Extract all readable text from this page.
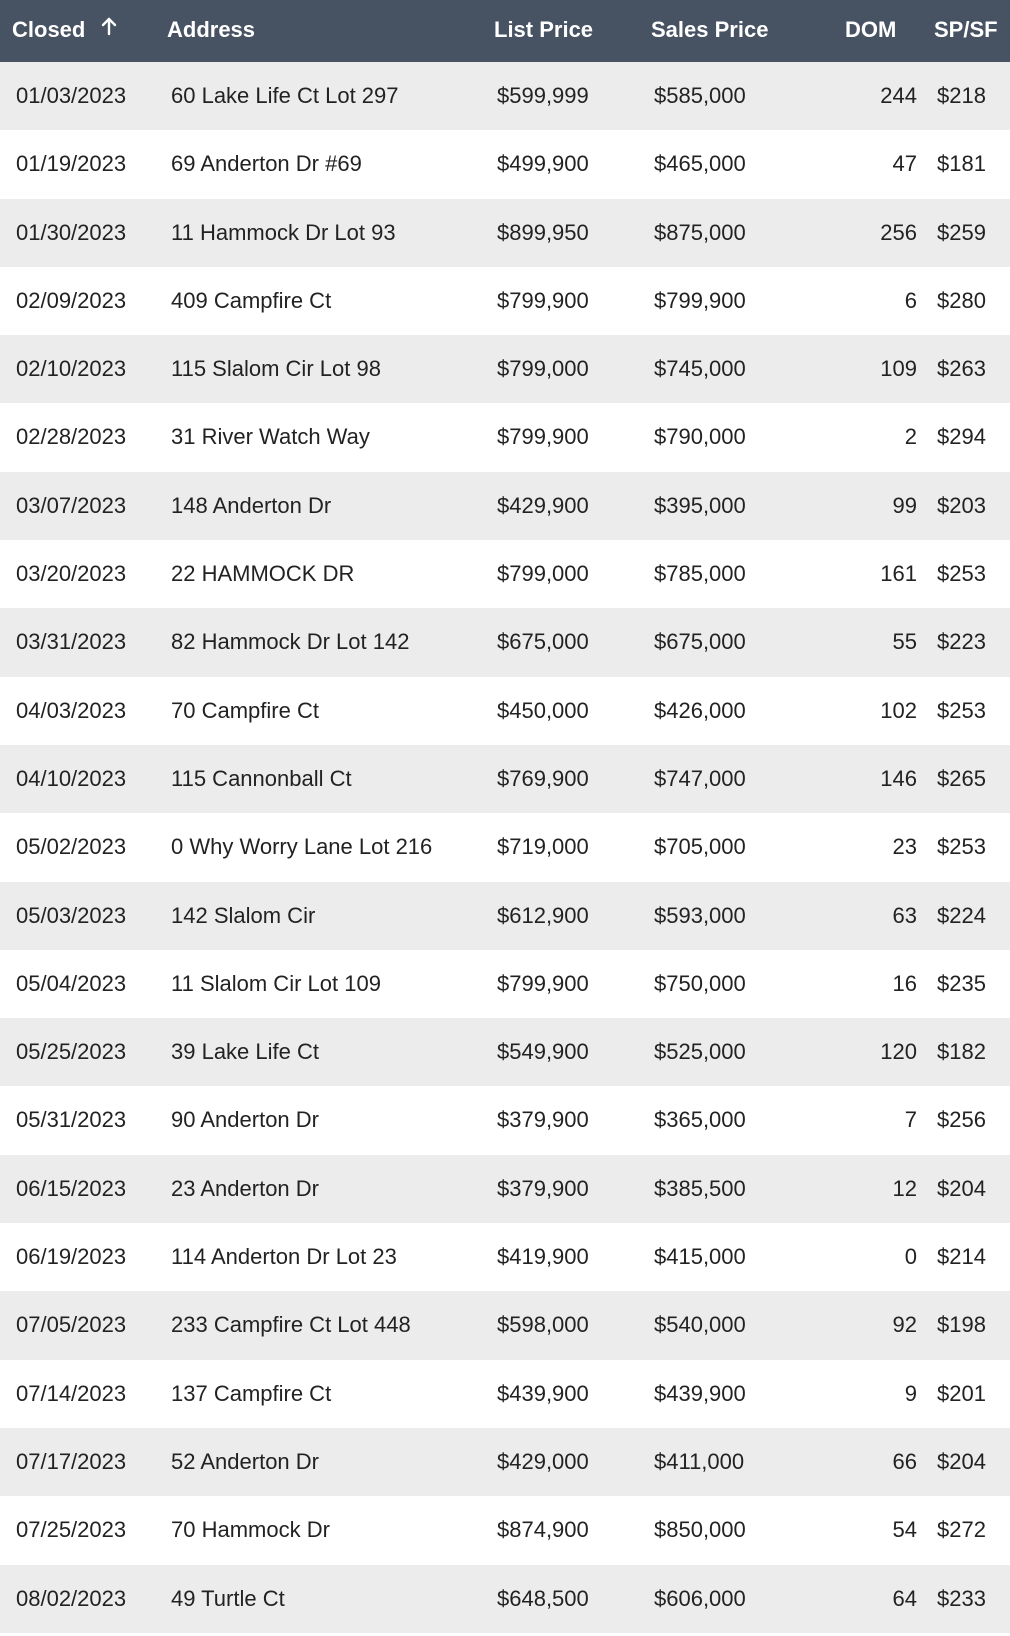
Closed	Address	List Price	Sales Price	DOM SP/SF
01/03/2023 60 Lake Life Ct Lot 297	$599,999	$585,000	244 $218
01/19/2023 69 Anderton Dr #69	$499,900	$465,000	47 $181
01/30/2023 11 Hammock Dr Lot 93	$899,950	$875,000	256 $259
02/09/2023 409 Campfire Ct	$799,900	$799,900	6 $280
02/10/2023 115 Slalom Cir Lot 98	$799,000	$745,000	109 $263
02/28/2023 31 River Watch Way	$799,900	$790,000	2 $294
03/07/2023 148 Anderton Dr	$429,900	$395,000	99 $203
03/20/2023 22 HAMMOCK DR	$799,000	$785,000	161 $253
03/31/2023 82 Hammock Dr Lot 142	$675,000	$675,000	55 $223
04/03/2023 70 Campfire Ct	$450,000	$426,000	102 $253
04/10/2023 115 Cannonball Ct	$769,900	$747,000	146 $265
05/02/2023 0 Why Worry Lane Lot 216	$719,000	$705,000	23 $253
05/03/2023 142 Slalom Cir	$612,900	$593,000	63 $224
05/04/2023 11 Slalom Cir Lot 109	$799,900	$750,000	16 $235
05/25/2023 39 Lake Life Ct	$549,900	$525,000	120 $182
05/31/2023 90 Anderton Dr	$379,900	$365,000	7 $256
06/15/2023 23 Anderton Dr	$379,900	$385,500	12 $204
06/19/2023 114 Anderton Dr Lot 23	$419,900	$415,000	0 $214
07/05/2023 233 Campfire Ct Lot 448	$598,000	$540,000	92 $198
07/14/2023 137 Campfire Ct	$439,900	$439,900	9 $201
07/17/2023 52 Anderton Dr	$429,000	$411,000	66 $204
07/25/2023 70 Hammock Dr	$874,900	$850,000	54 $272
08/02/2023 49 Turtle Ct	$648,500	$606,000	64 $233
